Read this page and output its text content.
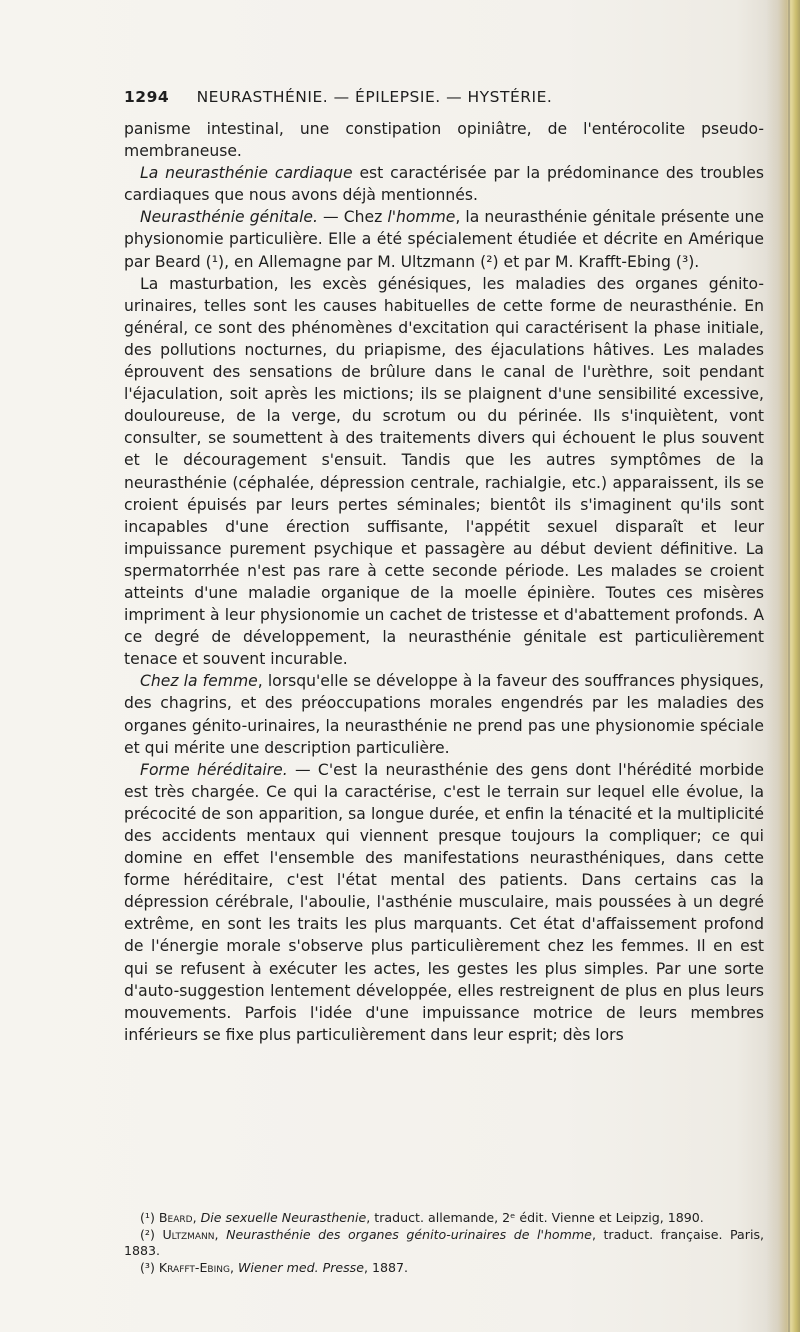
1294 NEURASTHÉNIE. — ÉPILEPSIE. — HYSTÉRIE.

panisme intestinal, une constipation opiniâtre, de l'entérocolite pseudo-membraneuse.

La neurasthénie cardiaque est caractérisée par la prédominance des troubles cardiaques que nous avons déjà mentionnés.

Neurasthénie génitale. — Chez l'homme, la neurasthénie génitale présente une physionomie particulière. Elle a été spécialement étudiée et décrite en Amérique par Beard (¹), en Allemagne par M. Ultzmann (²) et par M. Krafft-Ebing (³).

La masturbation, les excès génésiques, les maladies des organes génito-urinaires, telles sont les causes habituelles de cette forme de neurasthénie. En général, ce sont des phénomènes d'excitation qui caractérisent la phase initiale, des pollutions nocturnes, du priapisme, des éjaculations hâtives. Les malades éprouvent des sensations de brûlure dans le canal de l'urèthre, soit pendant l'éjaculation, soit après les mictions; ils se plaignent d'une sensibilité excessive, douloureuse, de la verge, du scrotum ou du périnée. Ils s'inquiètent, vont consulter, se soumettent à des traitements divers qui échouent le plus souvent et le découragement s'ensuit. Tandis que les autres symptômes de la neurasthénie (céphalée, dépression centrale, rachialgie, etc.) apparaissent, ils se croient épuisés par leurs pertes séminales; bientôt ils s'imaginent qu'ils sont incapables d'une érection suffisante, l'appétit sexuel disparaît et leur impuissance purement psychique et passagère au début devient définitive. La spermatorrhée n'est pas rare à cette seconde période. Les malades se croient atteints d'une maladie organique de la moelle épinière. Toutes ces misères impriment à leur physionomie un cachet de tristesse et d'abattement profonds. A ce degré de développement, la neurasthénie génitale est particulièrement tenace et souvent incurable.

Chez la femme, lorsqu'elle se développe à la faveur des souffrances physiques, des chagrins, et des préoccupations morales engendrés par les maladies des organes génito-urinaires, la neurasthénie ne prend pas une physionomie spéciale et qui mérite une description particulière.

Forme héréditaire. — C'est la neurasthénie des gens dont l'hérédité morbide est très chargée. Ce qui la caractérise, c'est le terrain sur lequel elle évolue, la précocité de son apparition, sa longue durée, et enfin la ténacité et la multiplicité des accidents mentaux qui viennent presque toujours la compliquer; ce qui domine en effet l'ensemble des manifestations neurasthéniques, dans cette forme héréditaire, c'est l'état mental des patients. Dans certains cas la dépression cérébrale, l'aboulie, l'asthénie musculaire, mais poussées à un degré extrême, en sont les traits les plus marquants. Cet état d'affaissement profond de l'énergie morale s'observe plus particulièrement chez les femmes. Il en est qui se refusent à exécuter les actes, les gestes les plus simples. Par une sorte d'auto-suggestion lentement développée, elles restreignent de plus en plus leurs mouvements. Parfois l'idée d'une impuissance motrice de leurs membres inférieurs se fixe plus particulièrement dans leur esprit; dès lors

(¹) Beard, Die sexuelle Neurasthenie, traduct. allemande, 2ᵉ édit. Vienne et Leipzig, 1890.

(²) Ultzmann, Neurasthénie des organes génito-urinaires de l'homme, traduct. française. Paris, 1883.

(³) Krafft-Ebing, Wiener med. Presse, 1887.
